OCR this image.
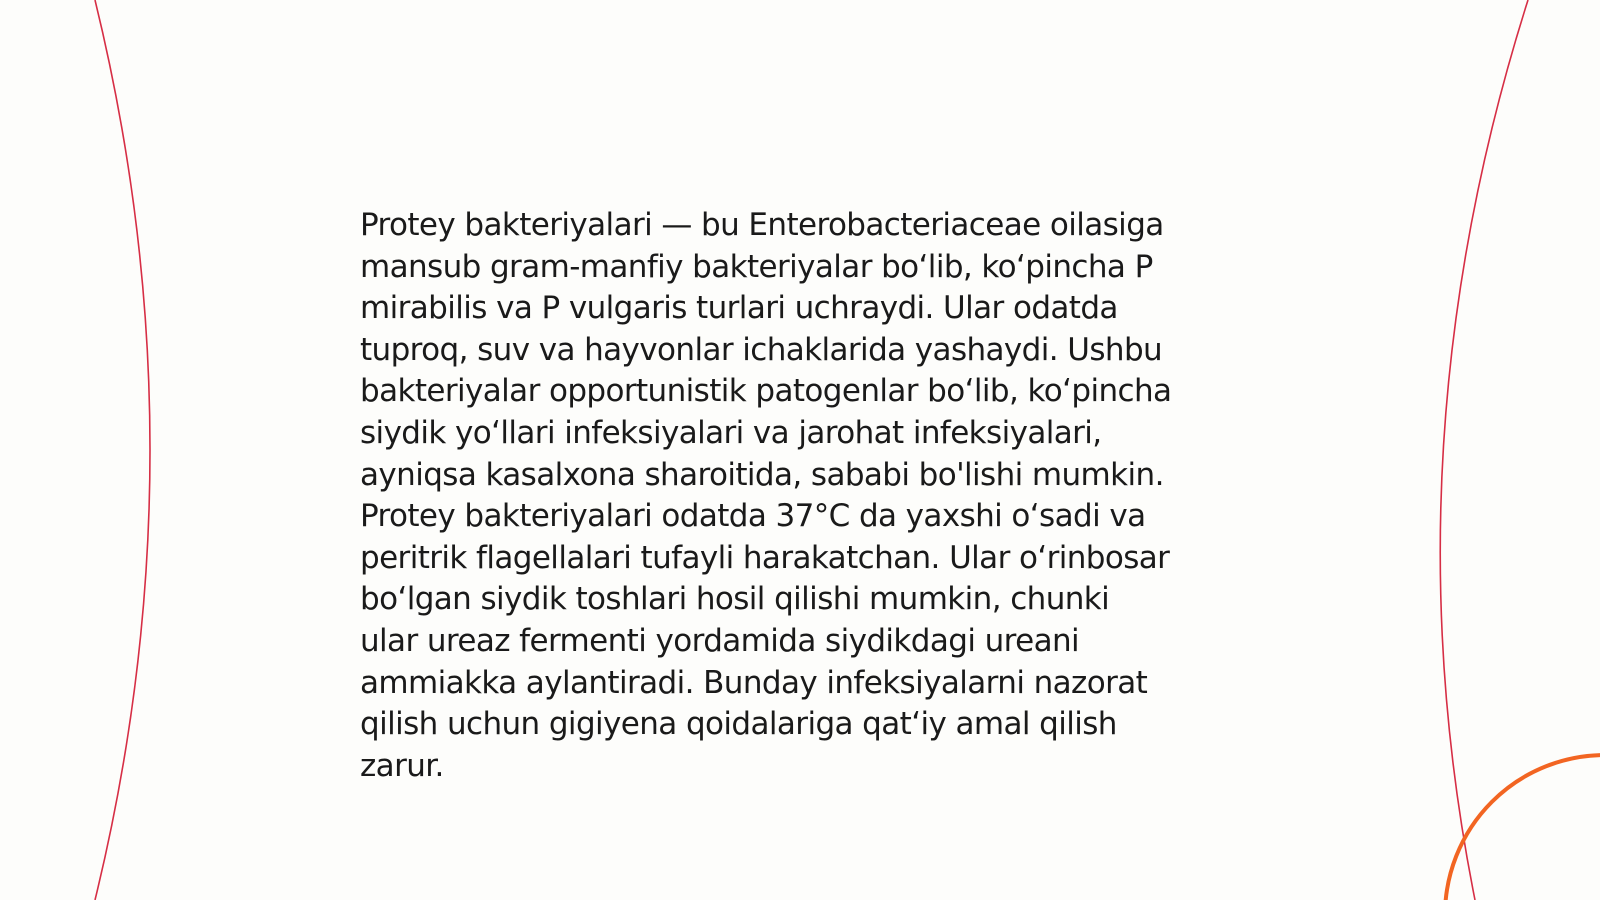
Protey bakteriyalari — bu Enterobacteriaceae oilasiga
mansub gram-manfiy bakteriyalar boʻlib, koʻpincha P
mirabilis va P vulgaris turlari uchraydi. Ular odatda
tuproq, suv va hayvonlar ichaklarida yashaydi. Ushbu
bakteriyalar opportunistik patogenlar boʻlib, koʻpincha
siydik yoʻllari infeksiyalari va jarohat infeksiyalari,
ayniqsa kasalxona sharoitida, sababi bo'lishi mumkin.
Protey bakteriyalari odatda 37°C da yaxshi oʻsadi va
peritrik flagellalari tufayli harakatchan. Ular oʻrinbosar
boʻlgan siydik toshlari hosil qilishi mumkin, chunki
ular ureaz fermenti yordamida siydikdagi ureani
ammiakka aylantiradi. Bunday infeksiyalarni nazorat
qilish uchun gigiyena qoidalariga qatʻiy amal qilish
zarur.
